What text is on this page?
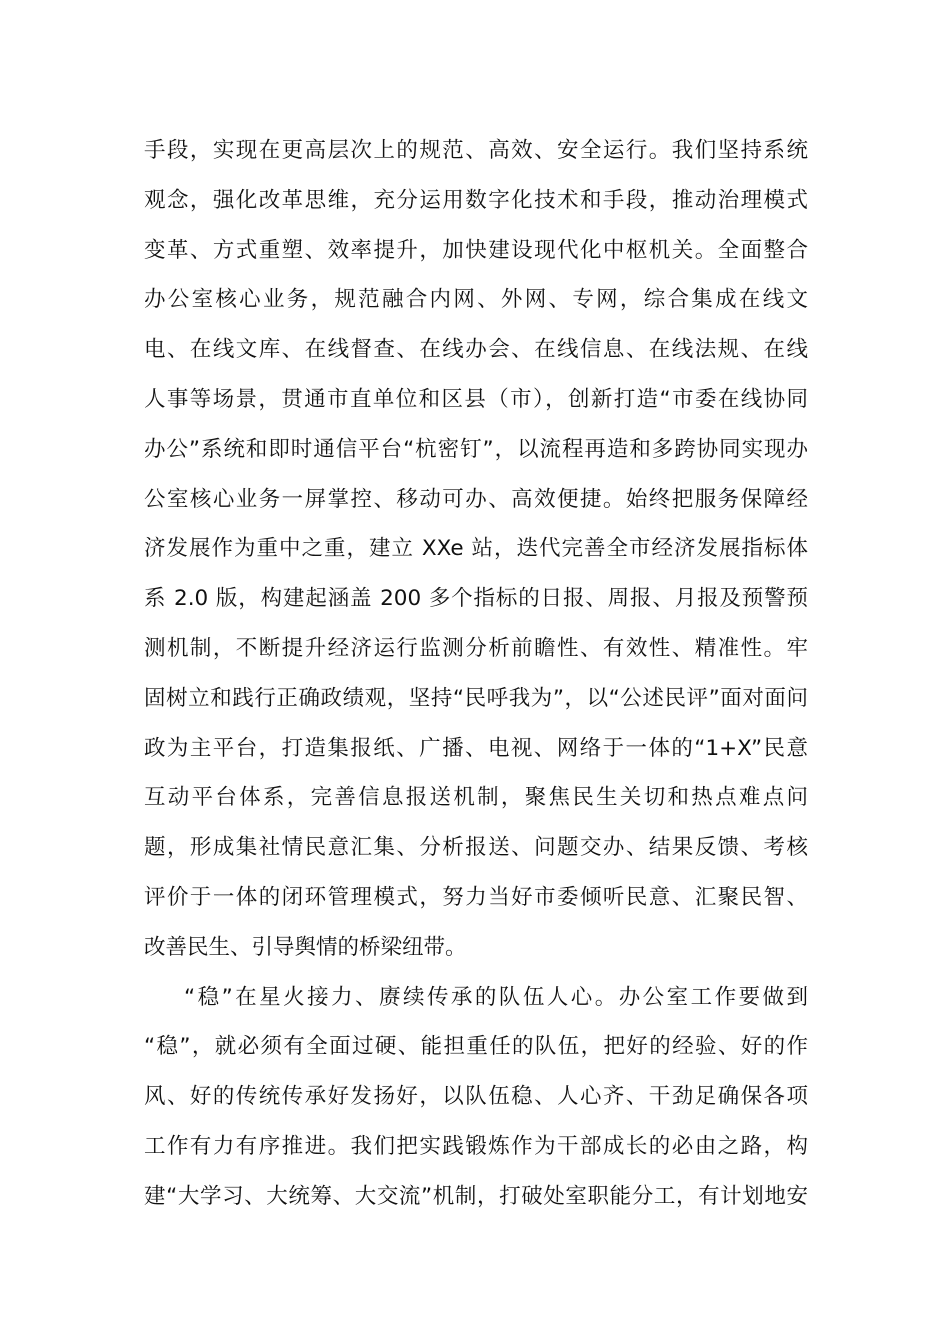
手段，实现在更高层次上的规范、高效、安全运行。我们坚持系统
观念，强化改革思维，充分运用数字化技术和手段，推动治理模式
变革、方式重塑、效率提升，加快建设现代化中枢机关。全面整合
办公室核心业务，规范融合内网、外网、专网，综合集成在线文
电、在线文库、在线督查、在线办会、在线信息、在线法规、在线
人事等场景，贯通市直单位和区县（市），创新打造“市委在线协同
办公”系统和即时通信平台“杭密钉”，以流程再造和多跨协同实现办
公室核心业务一屏掌控、移动可办、高效便捷。始终把服务保障经
济发展作为重中之重，建立 XXe 站，迭代完善全市经济发展指标体
系 2.0 版，构建起涵盖 200 多个指标的日报、周报、月报及预警预
测机制，不断提升经济运行监测分析前瞻性、有效性、精准性。牢
固树立和践行正确政绩观，坚持“民呼我为”，以“公述民评”面对面问
政为主平台，打造集报纸、广播、电视、网络于一体的“1+X”民意
互动平台体系，完善信息报送机制，聚焦民生关切和热点难点问
题，形成集社情民意汇集、分析报送、问题交办、结果反馈、考核
评价于一体的闭环管理模式，努力当好市委倾听民意、汇聚民智、
改善民生、引导舆情的桥梁纽带。
“稳”在星火接力、赓续传承的队伍人心。办公室工作要做到
“稳”，就必须有全面过硬、能担重任的队伍，把好的经验、好的作
风、好的传统传承好发扬好，以队伍稳、人心齐、干劲足确保各项
工作有力有序推进。我们把实践锻炼作为干部成长的必由之路，构
建“大学习、大统筹、大交流”机制，打破处室职能分工，有计划地安
